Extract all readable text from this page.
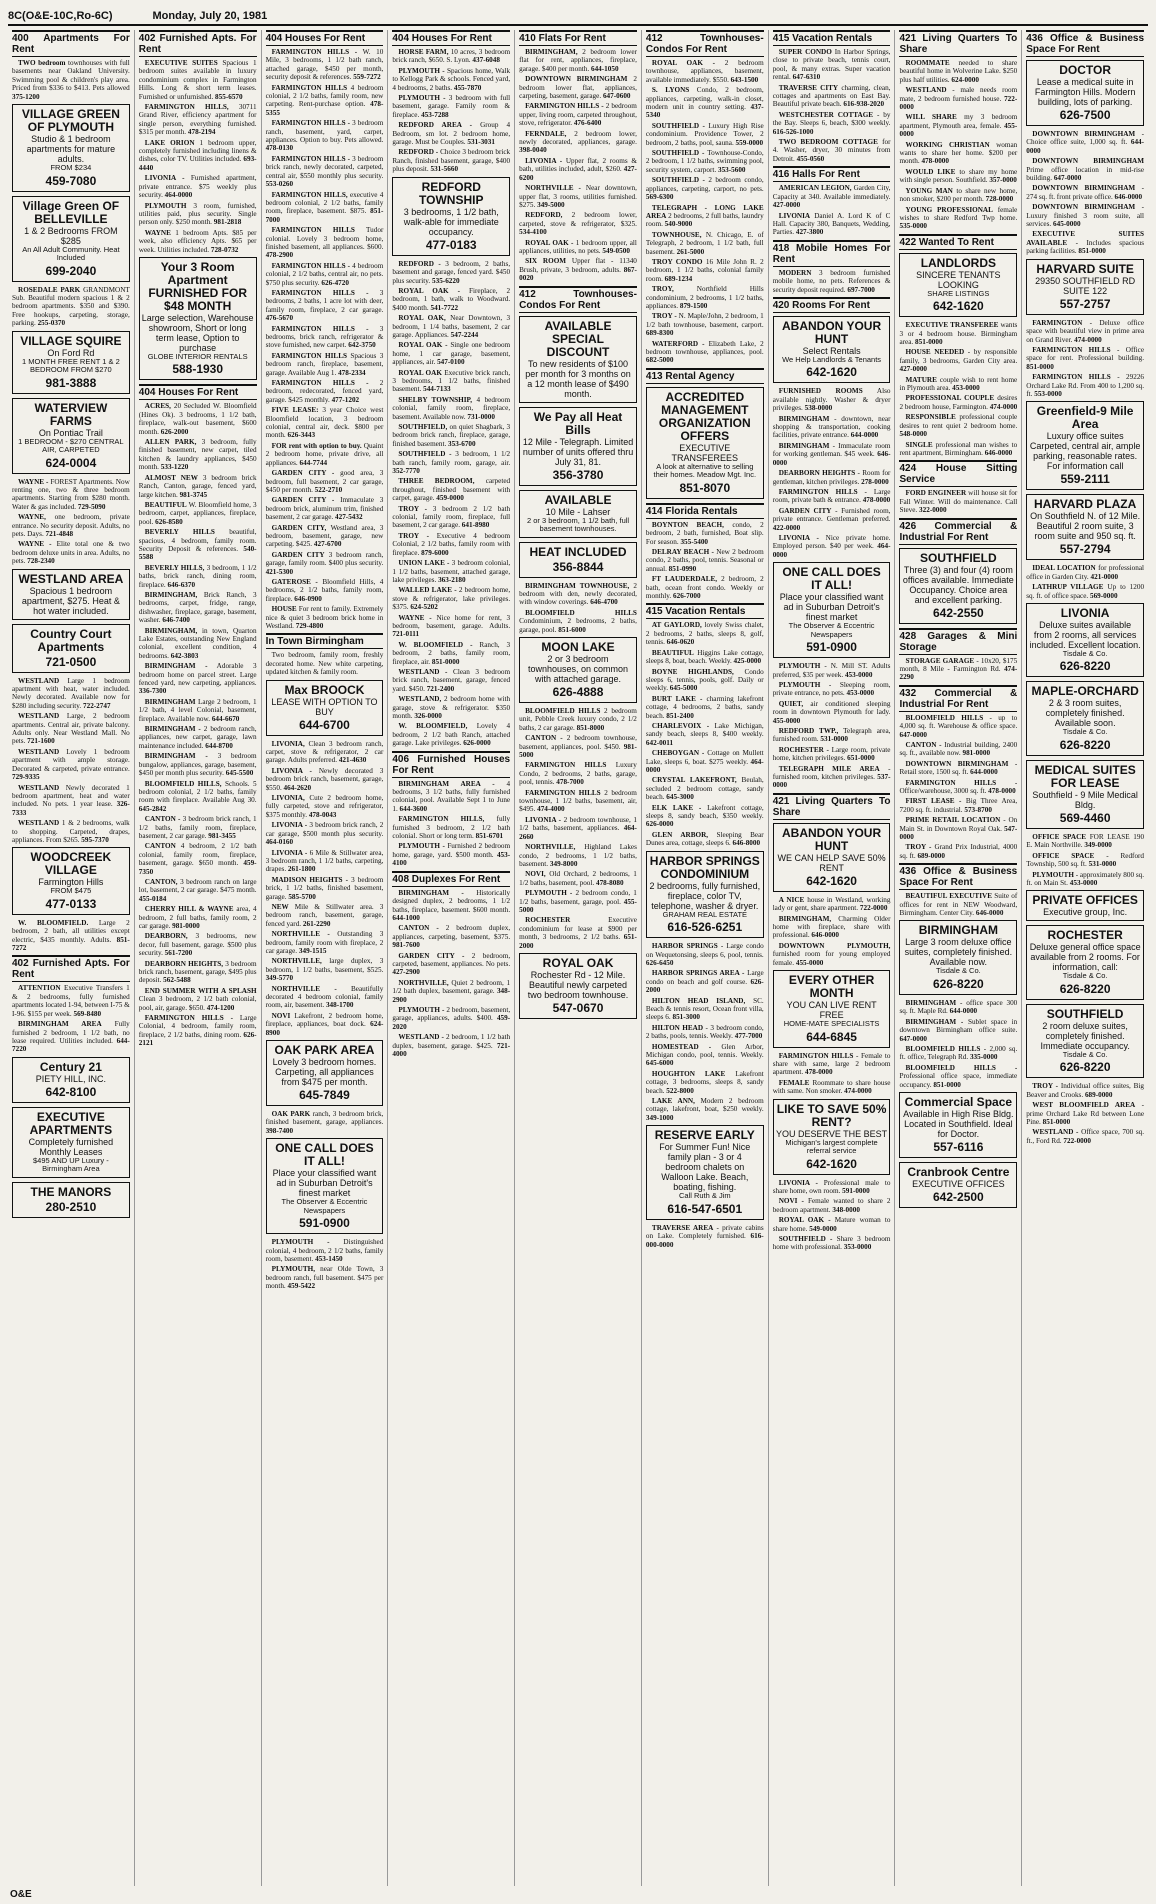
8C(O&E-10C,Ro-6C)	Monday, July 20, 1981
400 Apartments For Rent

TWO bedroom townhouses with full basements near Oakland University. Swimming pool & children's play area. Priced from $336 to $413. Pets allowed 375-1200

VILLAGE GREEN OF PLYMOUTH
Studio & 1 bedroom apartments for mature adults.
FROM $234
459-7080
Village Green OF BELLEVILLE
1 & 2 Bedrooms FROM $285
An All Adult Community. Heat Included
699-2040

ROSEDALE PARK GRANDMONT Sub. Beautiful modern spacious 1 & 2 bedroom apartments. $350 and $390. Free hookups, carpeting, storage, parking. 255-0370

VILLAGE SQUIRE
On Ford Rd
1 MONTH FREE RENT 1 & 2 BEDROOM FROM $270
981-3888
WATERVIEW FARMS
On Pontiac Trail
1 BEDROOM - $270 CENTRAL AIR, CARPETED
624-0004

WAYNE - FOREST Apartments. Now renting one, two & three bedroom apartments. Starting from $280 month. Water & gas included. 729-5090

WAYNE, one bedroom, private entrance. No security deposit. Adults, no pets. Days. 721-4848

WAYNE - Elite total one & two bedroom deluxe units in area. Adults, no pets. 728-2340

WESTLAND AREA
Spacious 1 bedroom apartment, $275. Heat & hot water included.
Country Court Apartments
721-0500

WESTLAND Large 1 bedroom apartment with heat, water included. Newly decorated. Available now for $280 including security. 722-2747

WESTLAND Large, 2 bedroom apartments. Central air, private balcony. Adults only. Near Westland Mall. No pets. 721-1600

WESTLAND Lovely 1 bedroom apartment with ample storage. Decorated & carpeted, private entrance. 729-9335

WESTLAND Newly decorated 1 bedroom apartment, heat and water included. No pets. 1 year lease. 326-7333

WESTLAND 1 & 2 bedrooms, walk to shopping. Carpeted, drapes, appliances. From $265. 595-7370

WOODCREEK VILLAGE
Farmington Hills
FROM $475
477-0133

W. BLOOMFIELD. Large 2 bedroom, 2 bath, all utilities except electric, $435 monthly. Adults. 851-7272

402 Furnished Apts. For Rent

ATTENTION Executive Transfers 1 & 2 bedrooms, fully furnished apartments located 1-94, between I-75 & I-96. $155 per week. 569-8480

BIRMINGHAM AREA Fully furnished 2 bedroom, 1 1/2 bath, no lease required. Utilities included. 644-7220

Century 21
PIETY HILL, INC.
642-8100
EXECUTIVE APARTMENTS
Completely furnished Monthly Leases
$495 AND UP Luxury - Birmingham Area
THE MANORS
280-2510
402 Furnished Apts. For Rent

EXECUTIVE SUITES Spacious 1 bedroom suites available in luxury condominium complex in Farmington Hills. Long & short term leases. Furnished or unfurnished. 855-6570

FARMINGTON HILLS, 30711 Grand River, efficiency apartment for single person, everything furnished. $315 per month. 478-2194

LAKE ORION 1 bedroom upper, completely furnished including linens & dishes, color TV. Utilities included. 693-4440

LIVONIA - Furnished apartment, private entrance. $75 weekly plus security. 464-0000

PLYMOUTH 3 room, furnished, utilities paid, plus security. Single person only. $250 month. 981-2818

WAYNE 1 bedroom Apts. $85 per week, also efficiency Apts. $65 per week. Utilities included. 728-0732

Your 3 Room Apartment FURNISHED FOR $48 MONTH
Large selection, Warehouse showroom, Short or long term lease, Option to purchase
GLOBE INTERIOR RENTALS
588-1930
404 Houses For Rent

ACRES, 20 Secluded W. Bloomfield (Hines Ok). 3 bedrooms, 1 1/2 bath, fireplace, walk-out basement, $600 month. 626-2000

ALLEN PARK, 3 bedroom, fully finished basement, new carpet, tiled kitchen & laundry appliances, $450 month. 533-1220

ALMOST NEW 3 bedroom brick Ranch, Canton, garage, fenced yard, large kitchen. 981-3745

BEAUTIFUL W. Bloomfield home, 3 bedroom, carpet, appliances, fireplace, pool. 626-8580

BEVERLY HILLS beautiful, spacious, 4 bedroom, family room. Security Deposit & references. 540-5588

BEVERLY HILLS, 3 bedroom, 1 1/2 baths, brick ranch, dining room, fireplace. 646-6370

BIRMINGHAM, Brick Ranch, 3 bedrooms, carpet, fridge, range, dishwasher, fireplace, garage, basement, washer. 646-7400

BIRMINGHAM, in town, Quarton Lake Estates, outstanding New England colonial, excellent condition, 4 bedrooms. 642-3803

BIRMINGHAM - Adorable 3 bedroom home on parcel street. Large fenced yard, new carpeting, appliances. 336-7300

BIRMINGHAM Large 2 bedroom, 1 1/2 bath, 4 level Colonial, basement, fireplace. Available now. 644-6670

BIRMINGHAM - 2 bedroom ranch, appliances, new carpet, garage, lawn maintenance included. 644-8700

BIRMINGHAM - 3 bedroom bungalow, appliances, garage, basement, $450 per month plus security. 645-5500

BLOOMFIELD HILLS, Schools. 5 bedroom colonial, 2 1/2 baths, family room with fireplace. Available Aug 30. 645-2842

CANTON - 3 bedroom brick ranch, 1 1/2 baths, family room, fireplace, basement, 2 car garage. 981-3455

CANTON 4 bedroom, 2 1/2 bath colonial, family room, fireplace, basement, garage. $650 month. 459-7350

CANTON, 3 bedroom ranch on large lot, basement, 2 car garage. $475 month. 455-0184

CHERRY HILL & WAYNE area, 4 bedroom, 2 full baths, family room, 2 car garage. 981-0000

DEARBORN, 3 bedrooms, new decor, full basement, garage. $500 plus security. 561-7200

DEARBORN HEIGHTS, 3 bedroom brick ranch, basement, garage, $495 plus deposit. 562-5488

END SUMMER WITH A SPLASH Clean 3 bedroom, 2 1/2 bath colonial, pool, air, garage. $650. 474-1200

FARMINGTON HILLS - Large Colonial, 4 bedroom, family room, fireplace, 2 1/2 baths, dining room. 626-2121

404 Houses For Rent

FARMINGTON HILLS - W. 10 Mile, 3 bedrooms, 1 1/2 bath ranch, attached garage, $450 per month, security deposit & references. 559-7272

FARMINGTON HILLS 4 bedroom colonial, 2 1/2 baths, family room, new carpeting. Rent-purchase option. 478-5355

FARMINGTON HILLS - 3 bedroom ranch, basement, yard, carpet, appliances. Option to buy. Pets allowed. 478-0130

FARMINGTON HILLS - 3 bedroom brick ranch, newly decorated, carpeted, central air, $550 monthly plus security. 553-0260

FARMINGTON HILLS, executive 4 bedroom colonial, 2 1/2 baths, family room, fireplace, basement. $875. 851-7000

FARMINGTON HILLS Tudor colonial. Lovely 3 bedroom home, finished basement, all appliances. $600. 478-2900

FARMINGTON HILLS - 4 bedroom colonial, 2 1/2 baths, central air, no pets. $750 plus security. 626-4720

FARMINGTON HILLS - 3 bedrooms, 2 baths, 1 acre lot with deer, family room, fireplace, 2 car garage. 476-5670

FARMINGTON HILLS - 3 bedrooms, brick ranch, refrigerator & stove furnished, new carpet. 642-3750

FARMINGTON HILLS Spacious 3 bedroom ranch, fireplace, basement, garage. Available Aug 1. 478-2334

FARMINGTON HILLS - 2 bedroom, redecorated, fenced yard, garage. $425 monthly. 477-1202

FIVE LEASE: 3 year Choice west Bloomfield location, 3 bedroom colonial, central air, deck. $800 per month. 626-3443

FOR rent with option to buy. Quaint 2 bedroom home, private drive, all appliances. 644-7744

GARDEN CITY - good area, 3 bedroom, full basement, 2 car garage, $450 per month. 522-2710

GARDEN CITY - Immaculate 3 bedroom brick, aluminum trim, finished basement, 2 car garage. 427-5432

GARDEN CITY, Westland area, 3 bedroom, basement, garage, new carpeting. $425. 427-6700

GARDEN CITY 3 bedroom ranch, garage, family room. $400 plus security. 421-5300

GATEROSE - Bloomfield Hills, 4 bedrooms, 2 1/2 baths, family room, fireplace. 646-0900

HOUSE For rent to family. Extremely nice & quiet 3 bedroom brick home in Westland. 729-4800

In Town Birmingham

Two bedroom, family room, freshly decorated home. New white carpeting, updated kitchen & family room.

Max BROOCK
LEASE WITH OPTION TO BUY
644-6700

LIVONIA, Clean 3 bedroom ranch, carpet, stove & refrigerator, 2 car garage. Adults preferred. 421-4630

LIVONIA - Newly decorated 3 bedroom brick ranch, basement, garage, $550. 464-2620

LIVONIA, Cute 2 bedroom home, fully carpeted, stove and refrigerator, $375 monthly. 478-0043

LIVONIA - 3 bedroom brick ranch, 2 car garage, $500 month plus security. 464-0160

LIVONIA - 6 Mile & Stillwater area, 3 bedroom ranch, 1 1/2 baths, carpeting, drapes. 261-1800

MADISON HEIGHTS - 3 bedroom brick, 1 1/2 baths, finished basement, garage. 585-5700

NEW Mile & Stillwater area. 3 bedroom ranch, basement, garage, fenced yard. 261-2290

NORTHVILLE - Outstanding 3 bedroom, family room with fireplace, 2 car garage. 349-1515

NORTHVILLE, large duplex, 3 bedroom, 1 1/2 baths, basement, $525. 349-5770

NORTHVILLE - Beautifully decorated 4 bedroom colonial, family room, air, basement. 348-1700

NOVI Lakefront, 2 bedroom home, fireplace, appliances, boat dock. 624-8900

OAK PARK AREA
Lovely 3 bedroom homes. Carpeting, all appliances from $475 per month.
645-7849

OAK PARK ranch, 3 bedroom brick, finished basement, garage, appliances. 398-7400

ONE CALL DOES IT ALL!
Place your classified want ad in Suburban Detroit's finest market
The Observer & Eccentric Newspapers
591-0900

PLYMOUTH - Distinguished colonial, 4 bedroom, 2 1/2 baths, family room, basement. 453-1450

PLYMOUTH, near Olde Town, 3 bedroom ranch, full basement. $475 per month. 459-5422

404 Houses For Rent

HORSE FARM, 10 acres, 3 bedroom brick ranch, $650. S. Lyon. 437-6048

PLYMOUTH - Spacious home, Walk to Kellogg Park & schools. Fenced yard, 4 bedrooms, 2 baths. 455-7870

PLYMOUTH - 3 bedroom with full basement, garage. Family room & fireplace. 453-7288

REDFORD AREA - Group 4 Bedroom, sm lot. 2 bedroom home, garage. Must be Couples. 531-3031

REDFORD - Choice 3 bedroom brick Ranch, finished basement, garage, $400 plus deposit. 531-5660

REDFORD TOWNSHIP
3 bedrooms, 1 1/2 bath, walk-able for immediate occupancy.
477-0183

REDFORD - 3 bedroom, 2 baths, basement and garage, fenced yard. $450 plus security. 535-6220

ROYAL OAK - Fireplace, 2 bedroom, 1 bath, walk to Woodward. $400 month. 541-7722

ROYAL OAK, Near Downtown, 3 bedroom, 1 1/4 baths, basement, 2 car garage. Appliances. 547-2244

ROYAL OAK - Single one bedroom home, 1 car garage, basement, appliances, air. 547-0100

ROYAL OAK Executive brick ranch, 3 bedrooms, 1 1/2 baths, finished basement. 544-7133

SHELBY TOWNSHIP, 4 bedroom colonial, family room, fireplace, basement. Available now. 731-0000

SOUTHFIELD, on quiet Shagbark, 3 bedroom brick ranch, fireplace, garage, finished basement. 353-6700

SOUTHFIELD - 3 bedroom, 1 1/2 bath ranch, family room, garage, air. 352-7770

THREE BEDROOM, carpeted throughout, finished basement with carpet, garage. 459-0000

TROY - 3 bedroom 2 1/2 bath colonial, family room, fireplace, full basement, 2 car garage. 641-8980

TROY - Executive 4 bedroom Colonial, 2 1/2 baths, family room with fireplace. 879-6000

UNION LAKE - 3 bedroom colonial, 1 1/2 baths, basement, attached garage, lake privileges. 363-2180

WALLED LAKE - 2 bedroom home, stove & refrigerator, lake privileges. $375. 624-5202

WAYNE - Nice home for rent, 3 bedroom, basement, garage. Adults. 721-0111

W. BLOOMFIELD - Ranch, 3 bedroom, 2 baths, family room, fireplace, air. 851-0000

WESTLAND - Clean 3 bedroom brick ranch, basement, garage, fenced yard. $450. 721-2400

WESTLAND, 2 bedroom home with garage, stove & refrigerator. $350 month. 326-0000

W. BLOOMFIELD, Lovely 4 bedroom, 2 1/2 bath Ranch, attached garage. Lake privileges. 626-0000

406 Furnished Houses For Rent

BIRMINGHAM AREA - 4 bedrooms, 3 1/2 baths, fully furnished colonial, pool. Available Sept 1 to June 1. 644-3600

FARMINGTON HILLS, fully furnished 3 bedroom, 2 1/2 bath colonial. Short or long term. 851-6701

PLYMOUTH - Furnished 2 bedroom home, garage, yard. $500 month. 453-4100

408 Duplexes For Rent

BIRMINGHAM - Historically designed duplex, 2 bedrooms, 1 1/2 baths, fireplace, basement. $600 month. 644-1000

CANTON - 2 bedroom duplex, appliances, carpeting, basement, $375. 981-7600

GARDEN CITY - 2 bedroom, carpeted, basement, appliances. No pets. 427-2900

NORTHVILLE, Quiet 2 bedroom, 1 1/2 bath duplex, basement, garage. 348-2900

PLYMOUTH - 2 bedroom, basement, garage, appliances, adults. $400. 459-2020

WESTLAND - 2 bedroom, 1 1/2 bath duplex, basement, garage. $425. 721-4000

410 Flats For Rent

BIRMINGHAM, 2 bedroom lower flat for rent, appliances, fireplace, garage. $400 per month. 644-1050

DOWNTOWN BIRMINGHAM 2 bedroom lower flat, appliances, carpeting, basement, garage. 647-0600

FARMINGTON HILLS - 2 bedroom upper, living room, carpeted throughout, stove, refrigerator. 476-6400

FERNDALE, 2 bedroom lower, newly decorated, appliances, garage. 398-0040

LIVONIA - Upper flat, 2 rooms & bath, utilities included, adult, $260. 427-6200

NORTHVILLE - Near downtown, upper flat, 3 rooms, utilities furnished. $275. 349-5000

REDFORD, 2 bedroom lower, carpeted, stove & refrigerator, $325. 534-4100

ROYAL OAK - 1 bedroom upper, all appliances, utilities, no pets. 549-0500

SIX ROOM Upper flat - 11340 Brush, private, 3 bedroom, adults. 867-0020

412 Townhouses-Condos For Rent
AVAILABLE SPECIAL DISCOUNT
To new residents of $100 per month for 3 months on a 12 month lease of $490 month.
We Pay all Heat Bills
12 Mile - Telegraph. Limited number of units offered thru July 31, 81.
356-3780
AVAILABLE
10 Mile - Lahser
2 or 3 bedroom, 1 1/2 bath, full basement townhouses.
HEAT INCLUDED
356-8844

BIRMINGHAM TOWNHOUSE, 2 bedroom with den, newly decorated, with window coverings. 646-4700

BLOOMFIELD HILLS Condominium, 2 bedrooms, 2 baths, garage, pool. 851-6000

MOON LAKE
2 or 3 bedroom townhouses, on common with attached garage.
626-4888

BLOOMFIELD HILLS 2 bedroom unit, Pebble Creek luxury condo, 2 1/2 baths, 2 car garage. 851-8000

CANTON - 2 bedroom townhouse, basement, appliances, pool. $450. 981-5000

FARMINGTON HILLS Luxury Condo, 2 bedrooms, 2 baths, garage, pool, tennis. 478-7000

FARMINGTON HILLS 2 bedroom townhouse, 1 1/2 baths, basement, air, $495. 474-4000

LIVONIA - 2 bedroom townhouse, 1 1/2 baths, basement, appliances. 464-2660

NORTHVILLE, Highland Lakes condo, 2 bedrooms, 1 1/2 baths, basement. 349-8000

NOVI, Old Orchard, 2 bedrooms, 1 1/2 baths, basement, pool. 478-8080

PLYMOUTH - 2 bedroom condo, 1 1/2 baths, basement, garage, pool. 455-5000

ROCHESTER	Executive condominium for lease at $900 per month, 3 bedrooms, 2 1/2 baths. 651-2000

ROYAL OAK
Rochester Rd - 12 Mile. Beautiful newly carpeted two bedroom townhouse.
547-0670
412 Townhouses-Condos For Rent

ROYAL OAK - 2 bedroom townhouse, appliances, basement, available immediately. $550. 643-1500

S. LYONS Condo, 2 bedroom, appliances, carpeting, walk-in closet, modern unit in country setting. 437-5340

SOUTHFIELD - Luxury High Rise condominium. Providence Tower, 2 bedroom, 2 baths, pool, sauna. 559-0000

SOUTHFIELD - Townhouse-Condo, 2 bedroom, 1 1/2 baths, swimming pool, security system, carport. 353-5600

SOUTHFIELD - 2 bedroom condo, appliances, carpeting, carport, no pets. 569-6300

TELEGRAPH - LONG LAKE AREA 2 bedrooms, 2 full baths, laundry room. 540-9000

TOWNHOUSE, N. Chicago, E. of Telegraph, 2 bedroom, 1 1/2 bath, full basement. 261-5000

TROY CONDO 16 Mile John R. 2 bedroom, 1 1/2 baths, colonial family room. 689-1234

TROY,	Northfield Hills condominium, 2 bedrooms, 1 1/2 baths, appliances. 879-1500

TROY - N. Maple/John, 2 bedroom, 1 1/2 bath townhouse, basement, carport. 689-8300

WATERFORD - Elizabeth Lake, 2 bedroom townhouse, appliances, pool. 682-5000

413 Rental Agency
ACCREDITED MANAGEMENT ORGANIZATION OFFERS
EXECUTIVE TRANSFEREES
A look at alternative to selling their homes. Meadow Mgt. Inc.
851-8070
414 Florida Rentals

BOYNTON BEACH, condo, 2 bedroom, 2 bath, furnished, Boat slip. For season. 355-5400

DELRAY BEACH - New 2 bedroom condo, 2 baths, pool, tennis. Seasonal or annual. 851-0990

FT LAUDERDALE, 2 bedroom, 2 bath, ocean front condo. Weekly or monthly. 626-7000

415 Vacation Rentals

AT GAYLORD, lovely Swiss chalet, 2 bedrooms, 2 baths, sleeps 8, golf, tennis. 646-0620

BEAUTIFUL Higgins Lake cottage, sleeps 8, boat, beach. Weekly. 425-0000

BOYNE HIGHLANDS, Condo sleeps 6, tennis, pools, golf. Daily or weekly. 645-5000

BURT LAKE - charming lakefront cottage, 4 bedrooms, 2 baths, sandy beach. 851-2400

CHARLEVOIX - Lake Michigan, sandy beach, sleeps 8, $400 weekly. 642-0011

CHEBOYGAN - Cottage on Mullett Lake, sleeps 6, boat. $275 weekly. 464-0000

CRYSTAL LAKEFRONT, Beulah, secluded 2 bedroom cottage, sandy beach. 645-3000

ELK LAKE - Lakefront cottage, sleeps 8, sandy beach, $350 weekly. 626-0000

GLEN ARBOR, Sleeping Bear Dunes area, cottage, sleeps 6. 646-8000

HARBOR SPRINGS CONDOMINIUM
2 bedrooms, fully furnished, fireplace, color TV, telephone, washer & dryer.
GRAHAM REAL ESTATE
616-526-6251

HARBOR SPRINGS - Large condo on Wequetonsing, sleeps 6, pool, tennis. 626-6450

HARBOR SPRINGS AREA - Large condo on beach and golf course. 626-2000

HILTON HEAD ISLAND, SC. Beach & tennis resort, Ocean front villa, sleeps 6. 851-3000

HILTON HEAD - 3 bedroom condo, 2 baths, pools, tennis. Weekly. 477-7000

HOMESTEAD - Glen Arbor, Michigan condo, pool, tennis. Weekly. 645-6000

HOUGHTON LAKE Lakefront cottage, 3 bedrooms, sleeps 8, sandy beach. 522-8000

LAKE ANN, Modern 2 bedroom cottage, lakefront, boat, $250 weekly. 349-1000

RESERVE EARLY
For Summer Fun! Nice family plan - 3 or 4 bedroom chalets on Walloon Lake. Beach, boating, fishing.
Call Ruth & Jim
616-547-6501

TRAVERSE AREA - private cabins on Lake. Completely furnished. 616-000-0000

415 Vacation Rentals

SUPER CONDO In Harbor Springs, close to private beach, tennis court, pool, & many extras. Super vacation rental. 647-6310

TRAVERSE CITY charming, clean, cottages and apartments on East Bay. Beautiful private beach. 616-938-2020

WESTCHESTER COTTAGE - by the Bay. Sleeps 6, beach, $300 weekly. 616-526-1000

TWO BEDROOM COTTAGE for 4. Washer, dryer, 30 minutes from Detroit. 455-0560

416 Halls For Rent

AMERICAN LEGION, Garden City, Capacity at 340. Available immediately. 427-0000

LIVONIA Daniel A. Lord K of C Hall. Capacity 380, Banquets, Wedding, Parties. 427-3800

418 Mobile Homes For Rent

MODERN 3 bedroom furnished mobile home, no pets. References & security deposit required. 697-7000

420 Rooms For Rent
ABANDON YOUR HUNT
Select Rentals
We Help Landlords & Tenants
642-1620

FURNISHED ROOMS Also available nightly. Washer & dryer privileges. 538-0000

BIRMINGHAM - downtown, near shopping & transportation, cooking facilities, private entrance. 644-0000

BIRMINGHAM - Immaculate room for working gentleman. $45 week. 646-0000

DEARBORN HEIGHTS - Room for gentleman, kitchen privileges. 278-0000

FARMINGTON HILLS - Large room, private bath & entrance. 478-0000

GARDEN CITY - Furnished room, private entrance. Gentleman preferred. 422-0000

LIVONIA - Nice private home. Employed person. $40 per week. 464-0000

ONE CALL DOES IT ALL!
Place your classified want ad in Suburban Detroit's finest market
The Observer & Eccentric Newspapers
591-0900

PLYMOUTH - N. Mill ST. Adults preferred, $35 per week. 453-0000

PLYMOUTH - Sleeping room, private entrance, no pets. 453-0000

QUIET, air conditioned sleeping room in downtown Plymouth for lady. 455-0000

REDFORD TWP., Telegraph area, furnished room. 531-0000

ROCHESTER - Large room, private home, kitchen privileges. 651-0000

TELEGRAPH MILE AREA - furnished room, kitchen privileges. 537-0000

421 Living Quarters To Share
ABANDON YOUR HUNT
WE CAN HELP SAVE 50% RENT
642-1620

A NICE house in Westland, working lady or gent, share apartment. 722-0000

BIRMINGHAM, Charming Older home with fireplace, share with professional. 646-0000

DOWNTOWN PLYMOUTH, furnished room for young employed female. 455-0000

EVERY OTHER MONTH
YOU CAN LIVE RENT FREE
HOME-MATE SPECIALISTS
644-6845

FARMINGTON HILLS - Female to share with same, large 2 bedroom apartment. 478-0000

FEMALE Roommate to share house with same. Non smoker. 474-0000

LIKE TO SAVE 50% RENT?
YOU DESERVE THE BEST
Michigan's largest complete referral service
642-1620

LIVONIA - Professional male to share home, own room. 591-0000

NOVI - Female wanted to share 2 bedroom apartment. 348-0000

ROYAL OAK - Mature woman to share home. 549-0000

SOUTHFIELD - Share 3 bedroom home with professional. 353-0000

421 Living Quarters To Share

ROOMMATE needed to share beautiful home in Wolverine Lake. $250 plus half utilities. 624-0000

WESTLAND - male needs room mate, 2 bedroom furnished house. 722-0000

WILL SHARE my 3 bedroom apartment, Plymouth area, female. 455-0000

WORKING CHRISTIAN woman wants to share her home. $200 per month. 478-0000

WOULD LIKE to share my home with single person. Southfield. 357-0000

YOUNG MAN to share new home, non smoker, $200 per month. 728-0000

YOUNG PROFESSIONAL female wishes to share Redford Twp home. 535-0000

422 Wanted To Rent
LANDLORDS
SINCERE TENANTS LOOKING
SHARE LISTINGS
642-1620

EXECUTIVE TRANSFEREE wants 3 or 4 bedroom house. Birmingham area. 851-0000

HOUSE NEEDED - by responsible family, 3 bedrooms, Garden City area. 427-0000

MATURE couple wish to rent home in Plymouth area. 453-0000

PROFESSIONAL COUPLE desires 2 bedroom house, Farmington. 474-0000

RESPONSIBLE professional couple desires to rent quiet 2 bedroom home. 548-0000

SINGLE professional man wishes to rent apartment, Birmingham. 646-0000

424 House Sitting Service

FORD ENGINEER will house sit for Fall Winter. Will do maintenance. Call Steve. 322-0000

426 Commercial & Industrial For Rent
SOUTHFIELD
Three (3) and four (4) room offices available. Immediate Occupancy. Choice area and excellent parking.
642-2550
428 Garages & Mini Storage

STORAGE GARAGE - 10x20, $175 month, 8 Mile - Farmington Rd. 474-2290

432 Commercial & Industrial For Rent

BLOOMFIELD HILLS - up to 4,000 sq. ft. Warehouse & office space. 647-0000

CANTON - Industrial building, 2400 sq. ft., available now. 981-0000

DOWNTOWN BIRMINGHAM - Retail store, 1500 sq. ft. 644-0000

FARMINGTON HILLS	- Office/warehouse, 3000 sq. ft. 478-0000

FIRST LEASE - Big Three Area, 7200 sq. ft. industrial. 573-8700

PRIME RETAIL LOCATION - On Main St. in Downtown Royal Oak. 547-0000

TROY - Grand Prix Industrial, 4000 sq. ft. 689-0000

436 Office & Business Space For Rent

BEAUTIFUL EXECUTIVE Suite of offices for rent in NEW Woodward, Birmingham. Center City. 646-0000

BIRMINGHAM
Large 3 room deluxe office suites, completely finished. Available now.
Tisdale & Co.
626-8220

BIRMINGHAM - office space 300 sq. ft. Maple Rd. 644-0000

BIRMINGHAM - Sublet space in downtown Birmingham office suite. 647-0000

BLOOMFIELD HILLS - 2,000 sq. ft. office, Telegraph Rd. 335-0000

BLOOMFIELD HILLS - Professional office space, immediate occupancy. 851-0000

Commercial Space
Available in High Rise Bldg. Located in Southfield. Ideal for Doctor.
557-6116
Cranbrook Centre
EXECUTIVE OFFICES
642-2500
436 Office & Business Space For Rent
DOCTOR
Lease a medical suite in Farmington Hills. Modern building, lots of parking.
626-7500

DOWNTOWN BIRMINGHAM - Choice office suite, 1,000 sq. ft. 644-0000

DOWNTOWN BIRMINGHAM Prime office location in mid-rise building. 647-0000

DOWNTOWN BIRMINGHAM - 274 sq. ft. front private office. 646-0000

DOWNTOWN BIRMINGHAM - Luxury finished 3 room suite, all services. 645-0000

EXECUTIVE SUITES AVAILABLE - Includes spacious parking facilities. 851-0000

HARVARD SUITE
29350 SOUTHFIELD RD SUITE 122
557-2757

FARMINGTON - Deluxe office space with beautiful view in prime area on Grand River. 474-0000

FARMINGTON HILLS - Office space for rent. Professional building. 851-0000

FARMINGTON HILLS - 29226 Orchard Lake Rd. From 400 to 1,200 sq. ft. 553-0000

Greenfield-9 Mile Area
Luxury office suites Carpeted, central air, ample parking, reasonable rates. For information call
559-2111
HARVARD PLAZA
On Southfield N. of 12 Mile. Beautiful 2 room suite, 3 room suite and 950 sq. ft.
557-2794

IDEAL LOCATION for professional office in Garden City. 421-0000

LATHRUP VILLAGE Up to 1200 sq. ft. of office space. 569-0000

LIVONIA
Deluxe suites available from 2 rooms, all services included. Excellent location.
Tisdale & Co.
626-8220
MAPLE-ORCHARD
2 & 3 room suites, completely finished. Available soon.
Tisdale & Co.
626-8220
MEDICAL SUITES FOR LEASE
Southfield - 9 Mile Medical Bldg.
569-4460

OFFICE SPACE FOR LEASE 190 E. Main Northville. 349-0000

OFFICE SPACE - Redford Township, 500 sq. ft. 531-0000

PLYMOUTH - approximately 800 sq. ft. on Main St. 453-0000

PRIVATE OFFICES
Executive group, Inc.
ROCHESTER
Deluxe general office space available from 2 rooms. For information, call:
Tisdale & Co.
626-8220
SOUTHFIELD
2 room deluxe suites, completely finished. Immediate occupancy.
Tisdale & Co.
626-8220

TROY - Individual office suites, Big Beaver and Crooks. 689-0000

WEST BLOOMFIELD AREA - prime Orchard Lake Rd between Lone Pine. 851-0000

WESTLAND - Office space, 700 sq. ft., Ford Rd. 722-0000

O&E
